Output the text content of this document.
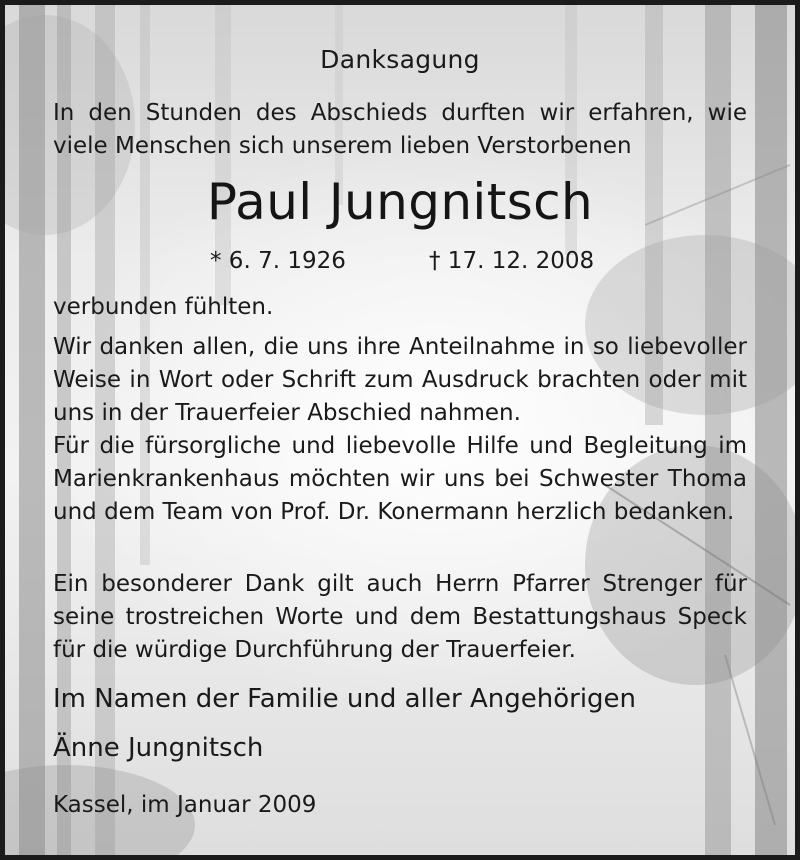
Danksagung
In den Stunden des Abschieds durften wir erfahren, wie viele Menschen sich unserem lieben Verstorbenen
Paul Jungnitsch
* 6. 7. 1926	† 17. 12. 2008
verbunden fühlten.
Wir danken allen, die uns ihre Anteilnahme in so liebevoller Weise in Wort oder Schrift zum Ausdruck brachten oder mit uns in der Trauerfeier Abschied nahmen.
Für die fürsorgliche und liebevolle Hilfe und Begleitung im Marienkrankenhaus möchten wir uns bei Schwester Thoma und dem Team von Prof. Dr. Konermann herzlich bedanken.
Ein besonderer Dank gilt auch Herrn Pfarrer Strenger für seine trostreichen Worte und dem Bestattungshaus Speck für die würdige Durchführung der Trauerfeier.
Im Namen der Familie und aller Angehörigen
Änne Jungnitsch
Kassel, im Januar 2009
